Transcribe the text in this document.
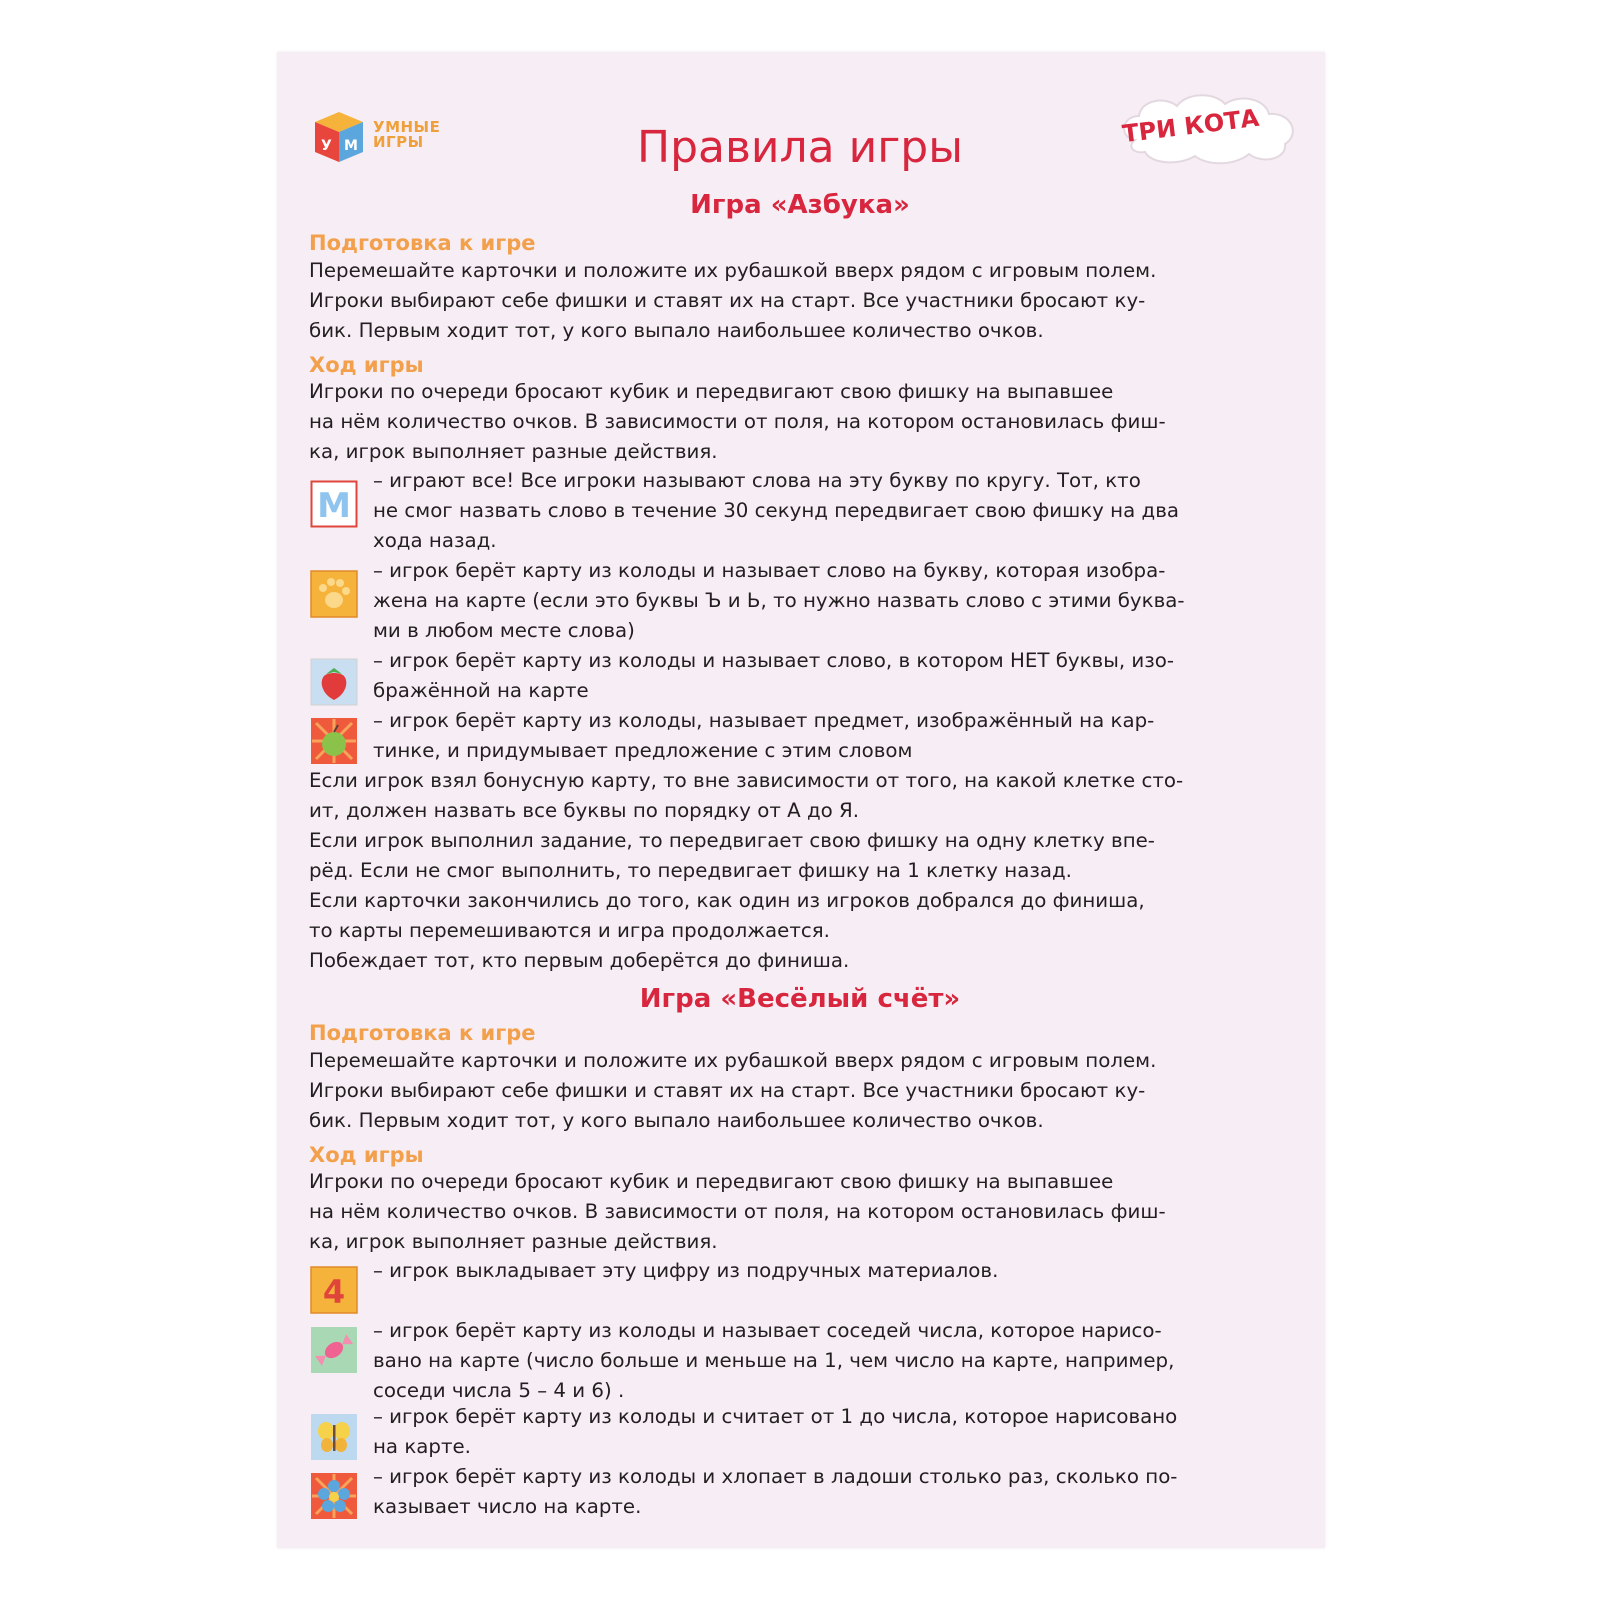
У М
УМНЫЕ
ИГРЫ	ТРИ КОТА
Правила игры
Игра «Азбука»
Подготовка к игре

Перемешайте карточки и положите их рубашкой вверх рядом с игровым полем.
Игроки выбирают себе фишки и ставят их на старт. Все участники бросают ку-
бик. Первым ходит тот, у кого выпало наибольшее количество очков.

Ход игры

Игроки по очереди бросают кубик и передвигают свою фишку на выпавшее
на нём количество очков. В зависимости от поля, на котором остановилась фиш-
ка, игрок выполняет разные действия.

M

– играют все! Все игроки называют слова на эту букву по кругу. Тот, кто
не смог назвать слово в течение 30 секунд передвигает свою фишку на два
хода назад.

– игрок берёт карту из колоды и называет слово на букву, которая изобра-
жена на карте (если это буквы Ъ и Ь, то нужно назвать слово с этими буква-
ми в любом месте слова)

– игрок берёт карту из колоды и называет слово, в котором НЕТ буквы, изо-
бражённой на карте

– игрок берёт карту из колоды, называет предмет, изображённый на кар-
тинке, и придумывает предложение с этим словом

Если игрок взял бонусную карту, то вне зависимости от того, на какой клетке сто-
ит, должен назвать все буквы по порядку от А до Я.

Если игрок выполнил задание, то передвигает свою фишку на одну клетку впе-
рёд. Если не смог выполнить, то передвигает фишку на 1 клетку назад.

Если карточки закончились до того, как один из игроков добрался до финиша,
то карты перемешиваются и игра продолжается.

Побеждает тот, кто первым доберётся до финиша.

Игра «Весёлый счёт»
Подготовка к игре

Перемешайте карточки и положите их рубашкой вверх рядом с игровым полем.
Игроки выбирают себе фишки и ставят их на старт. Все участники бросают ку-
бик. Первым ходит тот, у кого выпало наибольшее количество очков.

Ход игры

Игроки по очереди бросают кубик и передвигают свою фишку на выпавшее
на нём количество очков. В зависимости от поля, на котором остановилась фиш-
ка, игрок выполняет разные действия.

4

– игрок выкладывает эту цифру из подручных материалов.

– игрок берёт карту из колоды и называет соседей числа, которое нарисо-
вано на карте (число больше и меньше на 1, чем число на карте, например,
соседи числа 5 – 4 и 6) .

– игрок берёт карту из колоды и считает от 1 до числа, которое нарисовано
на карте.

– игрок берёт карту из колоды и хлопает в ладоши столько раз, сколько по-
казывает число на карте.
